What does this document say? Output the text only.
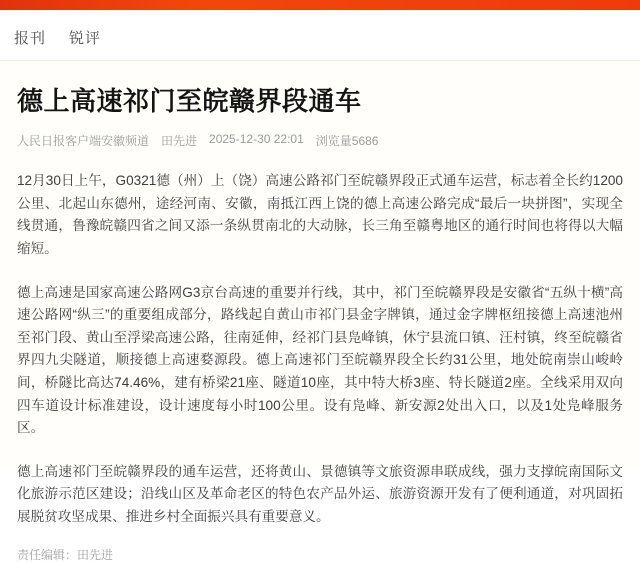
报刊 锐评
德上高速祁门至皖赣界段通车
人民日报客户端安徽频道 田先进 2025-12-30 22:01 浏览量5686

12月30日上午，G0321德（州）上（饶）高速公路祁门至皖赣界段正式通车运营，标志着全长约1200公里、北起山东德州，途经河南、安徽，南抵江西上饶的德上高速公路完成“最后一块拼图”，实现全线贯通，鲁豫皖赣四省之间又添一条纵贯南北的大动脉，长三角至赣粤地区的通行时间也将得以大幅缩短。

德上高速是国家高速公路网G3京台高速的重要并行线，其中，祁门至皖赣界段是安徽省“五纵十横”高速公路网“纵三”的重要组成部分，路线起自黄山市祁门县金字牌镇，通过金字牌枢纽接德上高速池州至祁门段、黄山至浮梁高速公路，往南延伸，经祁门县凫峰镇，休宁县流口镇、汪村镇，终至皖赣省界四九尖隧道，顺接德上高速婺源段。德上高速祁门至皖赣界段全长约31公里，地处皖南崇山峻岭间，桥隧比高达74.46%，建有桥梁21座、隧道10座，其中特大桥3座、特长隧道2座。全线采用双向四车道设计标准建设，设计速度每小时100公里。设有凫峰、新安源2处出入口，以及1处凫峰服务区。

德上高速祁门至皖赣界段的通车运营，还将黄山、景德镇等文旅资源串联成线，强力支撑皖南国际文化旅游示范区建设；沿线山区及革命老区的特色农产品外运、旅游资源开发有了便利通道，对巩固拓展脱贫攻坚成果、推进乡村全面振兴具有重要意义。

责任编辑：田先进
